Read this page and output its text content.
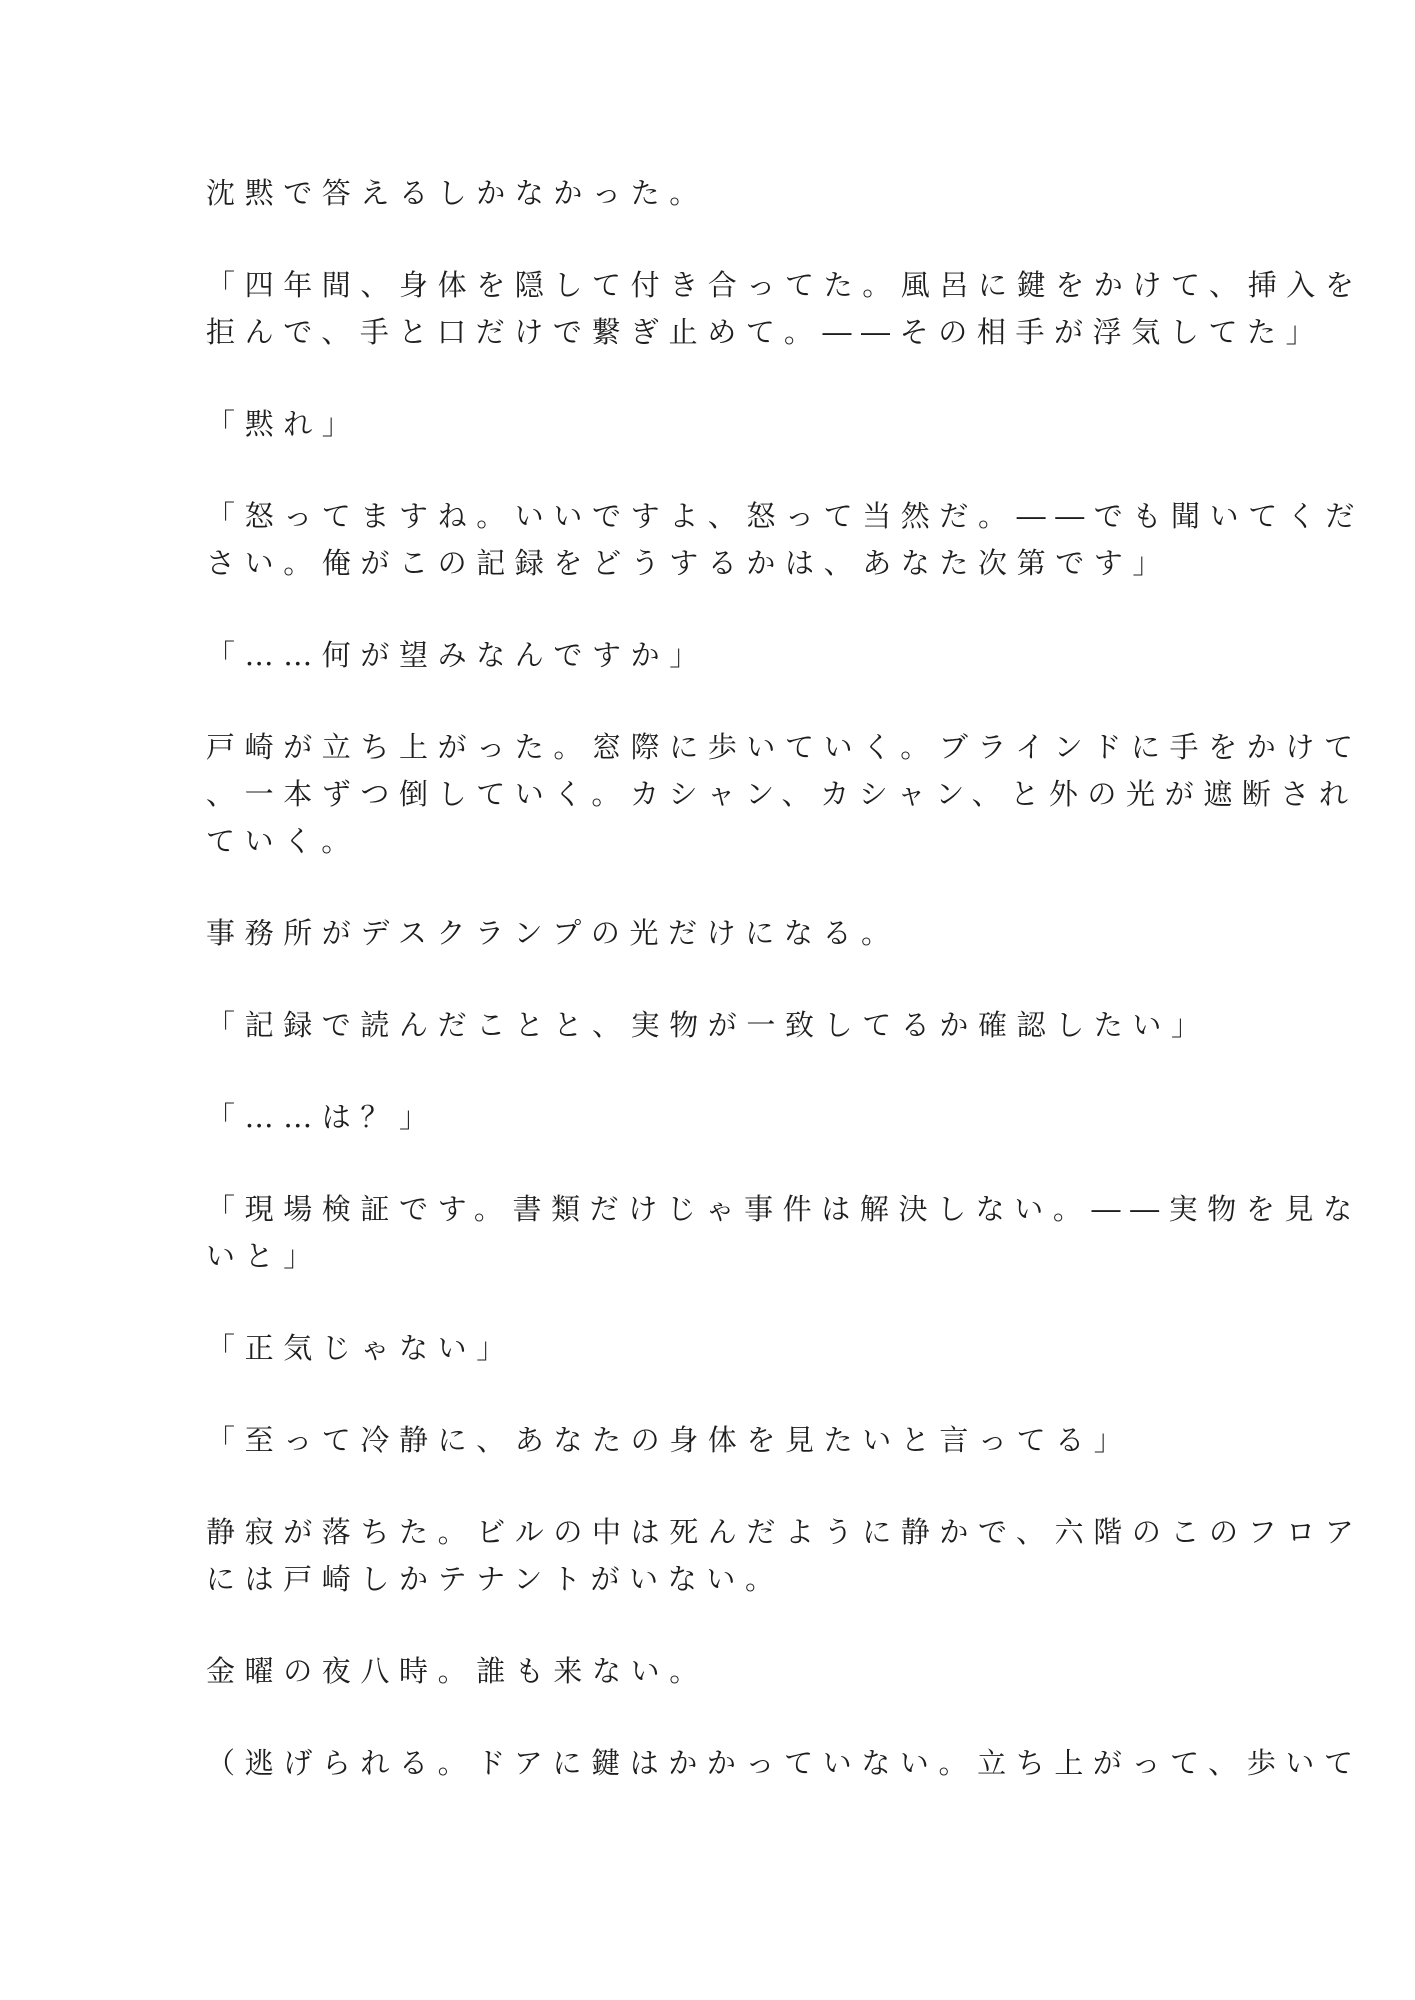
沈黙で答えるしかなかった。

「四年間、身体を隠して付き合ってた。風呂に鍵をかけて、挿入を
拒んで、手と口だけで繋ぎ止めて。――その相手が浮気してた」

「黙れ」

「怒ってますね。いいですよ、怒って当然だ。――でも聞いてくだ
さい。俺がこの記録をどうするかは、あなた次第です」

「……何が望みなんですか」

戸崎が立ち上がった。窓際に歩いていく。ブラインドに手をかけて
、一本ずつ倒していく。カシャン、カシャン、と外の光が遮断され
ていく。

事務所がデスクランプの光だけになる。

「記録で読んだことと、実物が一致してるか確認したい」

「……は？」

「現場検証です。書類だけじゃ事件は解決しない。――実物を見な
いと」

「正気じゃない」

「至って冷静に、あなたの身体を見たいと言ってる」

静寂が落ちた。ビルの中は死んだように静かで、六階のこのフロア
には戸崎しかテナントがいない。

金曜の夜八時。誰も来ない。

（逃げられる。ドアに鍵はかかっていない。立ち上がって、歩いて
